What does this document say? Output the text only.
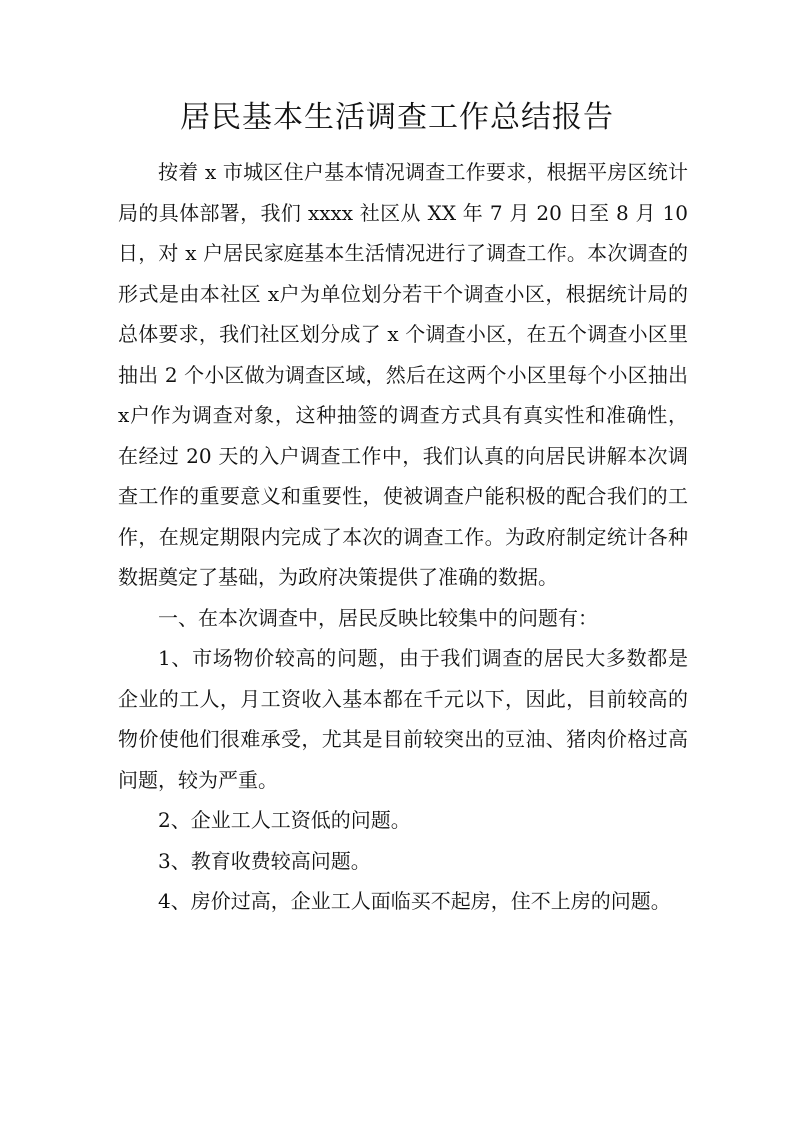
居民基本生活调查工作总结报告

按着 x 市城区住户基本情况调查工作要求，根据平房区统计局的具体部署，我们 xxxx 社区从 XX 年 7 月 20 日至 8 月 10 日，对 x 户居民家庭基本生活情况进行了调查工作。本次调查的形式是由本社区 x户为单位划分若干个调查小区，根据统计局的总体要求，我们社区划分成了 x 个调查小区，在五个调查小区里抽出 2 个小区做为调查区域，然后在这两个小区里每个小区抽出 x户作为调查对象，这种抽签的调查方式具有真实性和准确性，在经过 20 天的入户调查工作中，我们认真的向居民讲解本次调查工作的重要意义和重要性，使被调查户能积极的配合我们的工作，在规定期限内完成了本次的调查工作。为政府制定统计各种数据奠定了基础，为政府决策提供了准确的数据。

一、在本次调查中，居民反映比较集中的问题有：

1、市场物价较高的问题，由于我们调查的居民大多数都是企业的工人，月工资收入基本都在千元以下，因此，目前较高的物价使他们很难承受，尤其是目前较突出的豆油、猪肉价格过高问题，较为严重。

2、企业工人工资低的问题。

3、教育收费较高问题。

4、房价过高，企业工人面临买不起房，住不上房的问题。
